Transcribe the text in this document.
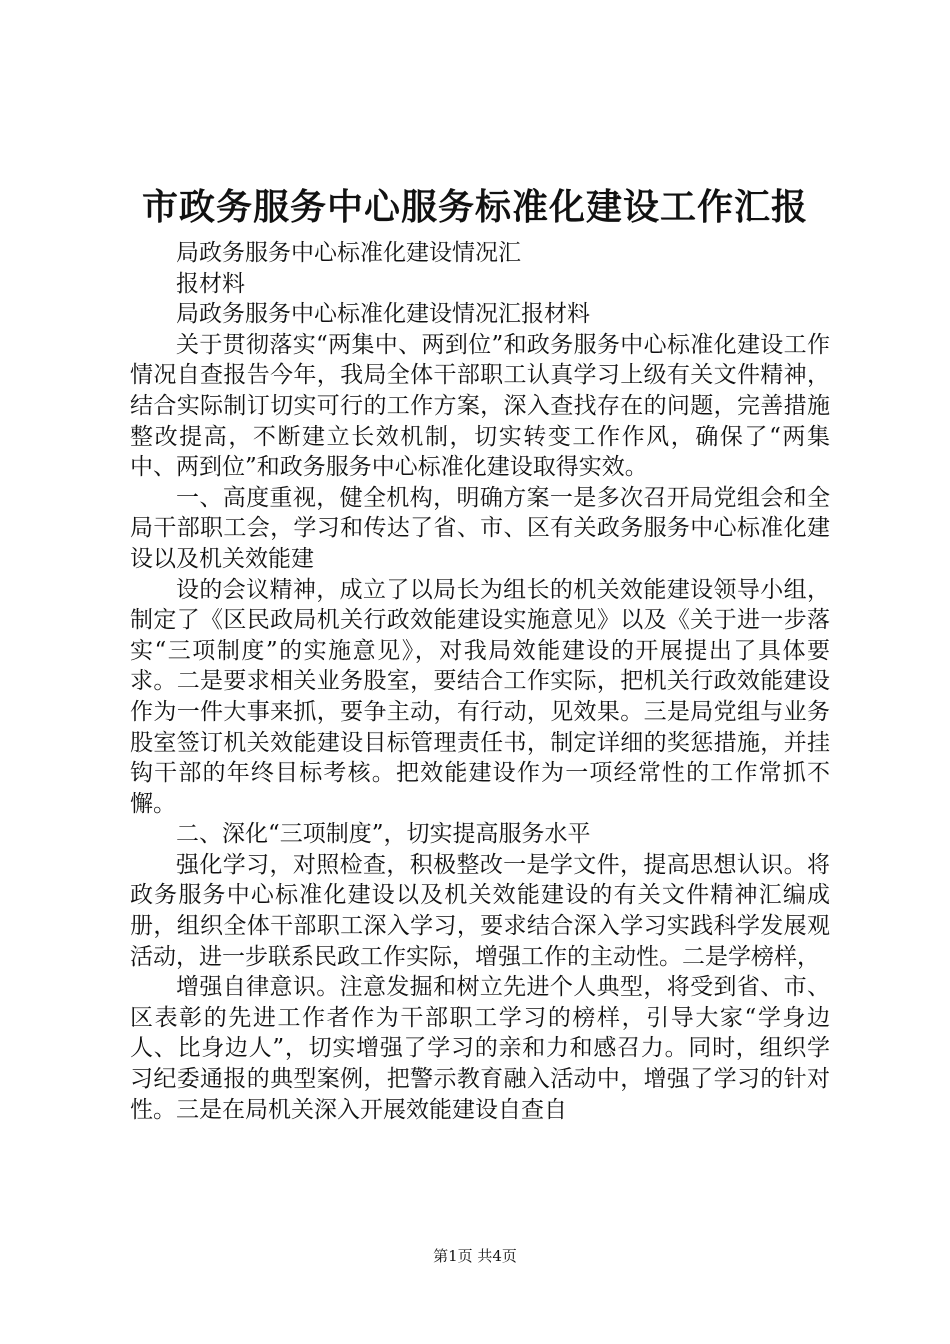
市政务服务中心服务标准化建设工作汇报

局政务服务中心标准化建设情况汇

报材料

局政务服务中心标准化建设情况汇报材料

关于贯彻落实“两集中、两到位”和政务服务中心标准化建设工作情况自查报告今年，我局全体干部职工认真学习上级有关文件精神，结合实际制订切实可行的工作方案，深入查找存在的问题，完善措施整改提高，不断建立长效机制，切实转变工作作风，确保了“两集中、两到位”和政务服务中心标准化建设取得实效。

一、高度重视，健全机构，明确方案一是多次召开局党组会和全局干部职工会，学习和传达了省、市、区有关政务服务中心标准化建设以及机关效能建

设的会议精神，成立了以局长为组长的机关效能建设领导小组，制定了《区民政局机关行政效能建设实施意见》以及《关于进一步落实“三项制度”的实施意见》，对我局效能建设的开展提出了具体要求。二是要求相关业务股室，要结合工作实际，把机关行政效能建设作为一件大事来抓，要争主动，有行动，见效果。三是局党组与业务股室签订机关效能建设目标管理责任书，制定详细的奖惩措施，并挂钩干部的年终目标考核。把效能建设作为一项经常性的工作常抓不懈。

二、深化“三项制度”，切实提高服务水平

强化学习，对照检查，积极整改一是学文件，提高思想认识。将政务服务中心标准化建设以及机关效能建设的有关文件精神汇编成册，组织全体干部职工深入学习，要求结合深入学习实践科学发展观活动，进一步联系民政工作实际，增强工作的主动性。二是学榜样，

增强自律意识。注意发掘和树立先进个人典型，将受到省、市、区表彰的先进工作者作为干部职工学习的榜样，引导大家“学身边人、比身边人”，切实增强了学习的亲和力和感召力。同时，组织学习纪委通报的典型案例，把警示教育融入活动中，增强了学习的针对性。三是在局机关深入开展效能建设自查自

第1页 共4页
